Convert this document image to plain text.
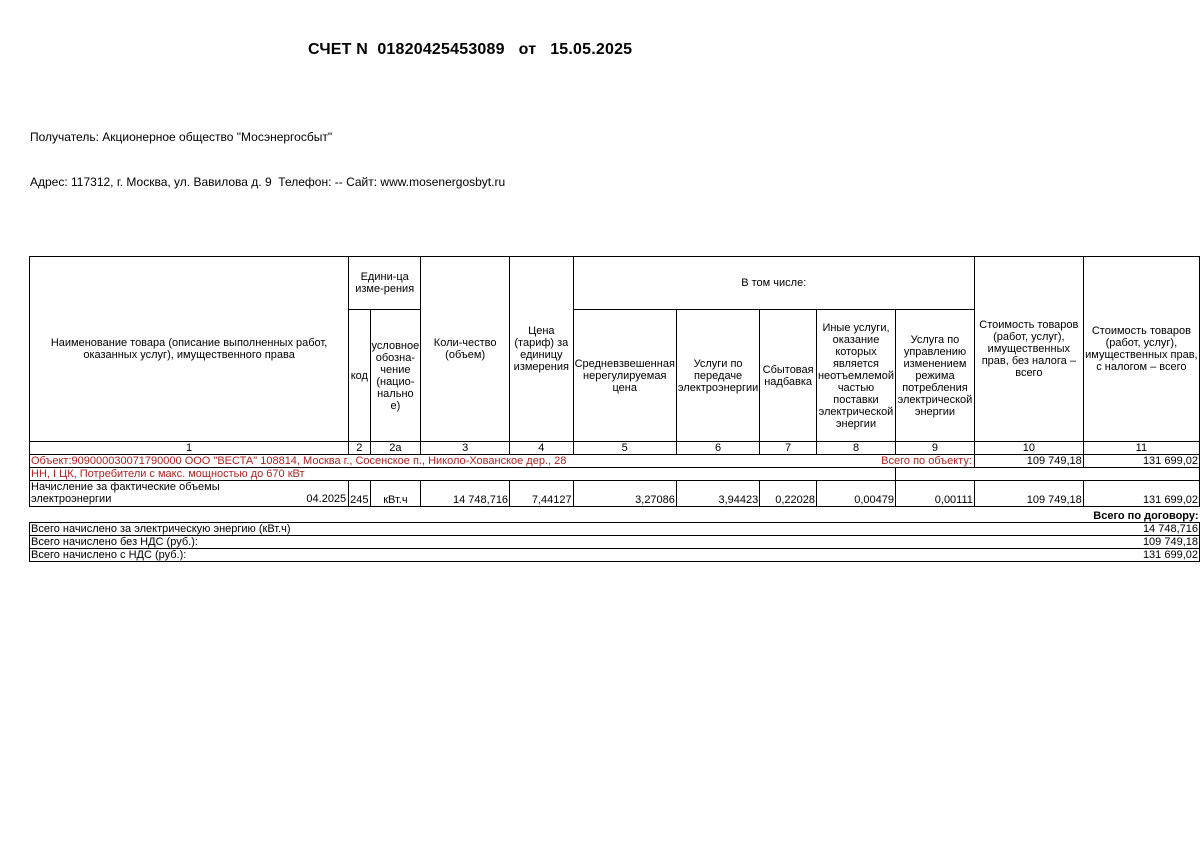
СЧЕТ N  01820425453089   от   15.05.2025

Получатель: Акционерное общество "Мосэнергосбыт"

Адрес: 117312, г. Москва, ул. Вавилова д. 9  Телефон: -- Сайт: www.mosenergosbyt.ru

Наименование товара (описание выполненных работ, оказанных услуг), имущественного права	Едини-ца изме-рения		Коли-чество (объем)	Цена (тариф) за единицу измерения	В том числе:					Стоимость товаров (работ, услуг), имущественных прав, без налога – всего	Стоимость товаров (работ, услуг), имущественных прав, с налогом – всего
	код	условное обозна-чение (нацио-нально е)			Средневзвешенная нерегулируемая цена	Услуги по передаче электроэнергии	Сбытовая надбавка	Иные услуги, оказание которых является неотъемлемой частью поставки электрической энергии	Услуга по управлению изменением режима потребления электрической энергии		
1	2	2а	3	4	5	6	7	8	9	10	11
Объект:909000030071790000 ООО "ВЕСТА" 108814, Москва г., Сосенское п., Николо-Хованское дер., 28 Всего по объекту:										109 749,18	131 699,02
НН, I ЦК, Потребители с макс. мощностью до 670 кВт											

Начисление за фактические объемы электроэнергии 04.2025	245	кВт.ч	14 748,716	7,44127	3,27086	3,94423	0,22028	0,00479	0,00111	109 749,18	131 699,02
Всего по договору:											
Всего начислено за электрическую энергию (кВт.ч)										14 748,716	
Всего начислено без НДС (руб.):										109 749,18	
Всего начислено с НДС (руб.):										131 699,02	
